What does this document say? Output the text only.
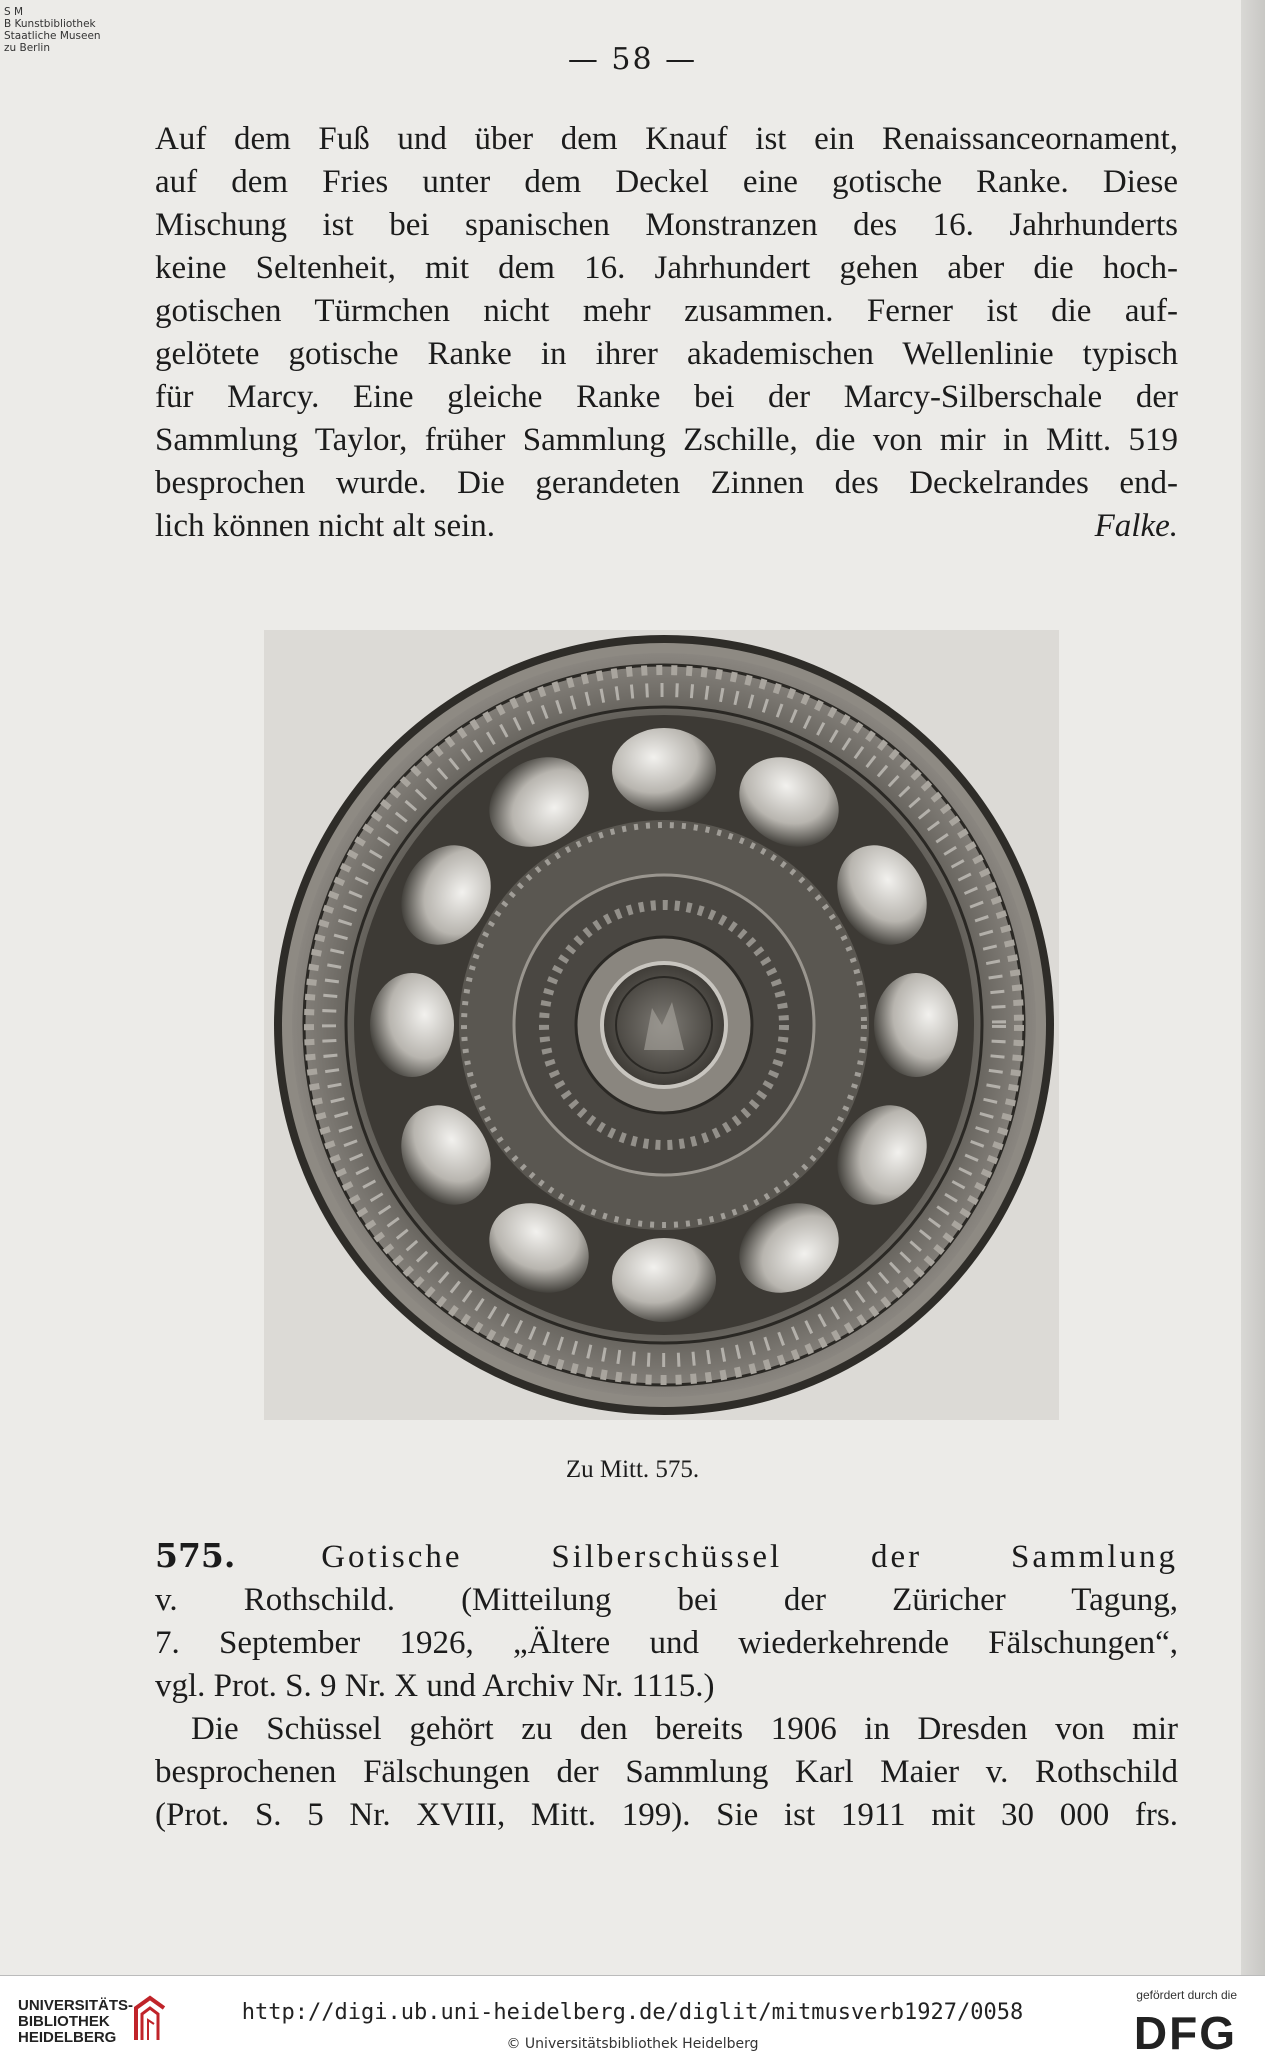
S M
B Kunstbibliothek
Staatliche Museen
zu Berlin	— 58 —
Auf dem Fuß und über dem Knauf ist ein Renaissanceornament,
auf dem Fries unter dem Deckel eine gotische Ranke. Diese
Mischung ist bei spanischen Monstranzen des 16. Jahrhunderts
keine Seltenheit, mit dem 16. Jahrhundert gehen aber die hoch-
gotischen Türmchen nicht mehr zusammen. Ferner ist die auf-
gelötete gotische Ranke in ihrer akademischen Wellenlinie typisch
für Marcy. Eine gleiche Ranke bei der Marcy-Silberschale der
Sammlung Taylor, früher Sammlung Zschille, die von mir in Mitt. 519
besprochen wurde. Die gerandeten Zinnen des Deckelrandes end-
lich können nicht alt sein.	Falke.
Zu Mitt. 575.
575.	Gotische Silberschüssel der Sammlung
v. Rothschild. (Mitteilung bei der Züricher Tagung,
7. September 1926, „Ältere und wiederkehrende Fälschungen“,
vgl. Prot. S. 9 Nr. X und Archiv Nr. 1115.)
Die Schüssel gehört zu den bereits 1906 in Dresden von mir
besprochenen Fälschungen der Sammlung Karl Maier v. Rothschild
(Prot. S. 5 Nr. XVIII, Mitt. 199). Sie ist 1911 mit 30 000 frs.
UNIVERSITÄTS-
BIBLIOTHEK
HEIDELBERG
http://digi.ub.uni-heidelberg.de/diglit/mitmusverb1927/0058
© Universitätsbibliothek Heidelberg
gefördert durch die
DFG
